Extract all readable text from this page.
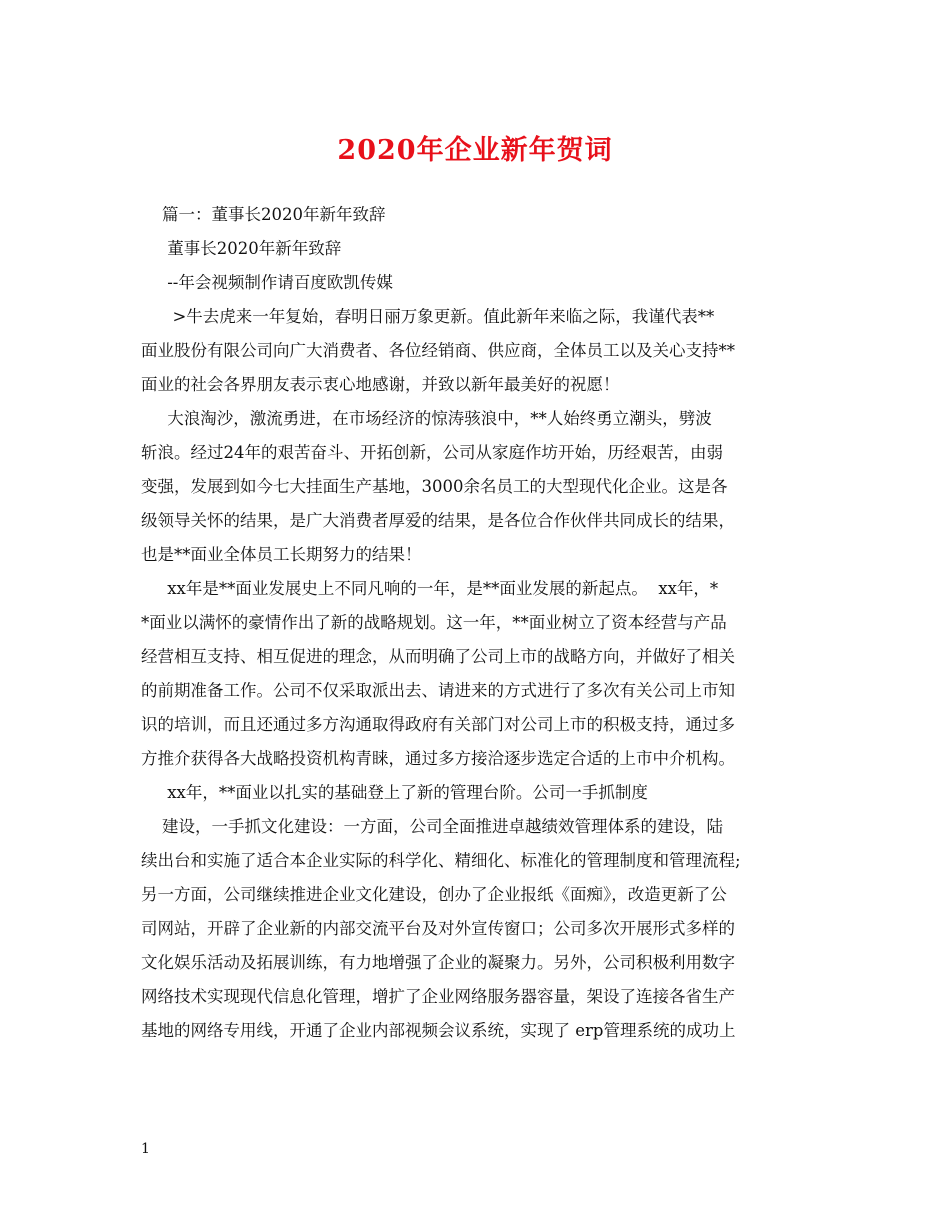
2020年企业新年贺词
篇一：董事长2020年新年致辞
董事长2020年新年致辞
--年会视频制作请百度欧凯传媒
>牛去虎来一年复始，春明日丽万象更新。值此新年来临之际，我谨代表**
面业股份有限公司向广大消费者、各位经销商、供应商，全体员工以及关心支持**
面业的社会各界朋友表示衷心地感谢，并致以新年最美好的祝愿！
大浪淘沙，激流勇进，在市场经济的惊涛骇浪中，**人始终勇立潮头，劈波
斩浪。经过24年的艰苦奋斗、开拓创新，公司从家庭作坊开始，历经艰苦，由弱
变强，发展到如今七大挂面生产基地，3000余名员工的大型现代化企业。这是各
级领导关怀的结果，是广大消费者厚爱的结果，是各位合作伙伴共同成长的结果，
也是**面业全体员工长期努力的结果！
xx年是**面业发展史上不同凡响的一年，是**面业发展的新起点。  xx年，*
*面业以满怀的豪情作出了新的战略规划。这一年，**面业树立了资本经营与产品
经营相互支持、相互促进的理念，从而明确了公司上市的战略方向，并做好了相关
的前期准备工作。公司不仅采取派出去、请进来的方式进行了多次有关公司上市知
识的培训，而且还通过多方沟通取得政府有关部门对公司上市的积极支持，通过多
方推介获得各大战略投资机构青睐，通过多方接洽逐步选定合适的上市中介机构。
xx年，**面业以扎实的基础登上了新的管理台阶。公司一手抓制度
建设，一手抓文化建设：一方面，公司全面推进卓越绩效管理体系的建设，陆
续出台和实施了适合本企业实际的科学化、精细化、标准化的管理制度和管理流程;
另一方面，公司继续推进企业文化建设，创办了企业报纸《面痴》，改造更新了公
司网站，开辟了企业新的内部交流平台及对外宣传窗口；公司多次开展形式多样的
文化娱乐活动及拓展训练，有力地增强了企业的凝聚力。另外，公司积极利用数字
网络技术实现现代信息化管理，增扩了企业网络服务器容量，架设了连接各省生产
基地的网络专用线，开通了企业内部视频会议系统，实现了 erp管理系统的成功上
1
